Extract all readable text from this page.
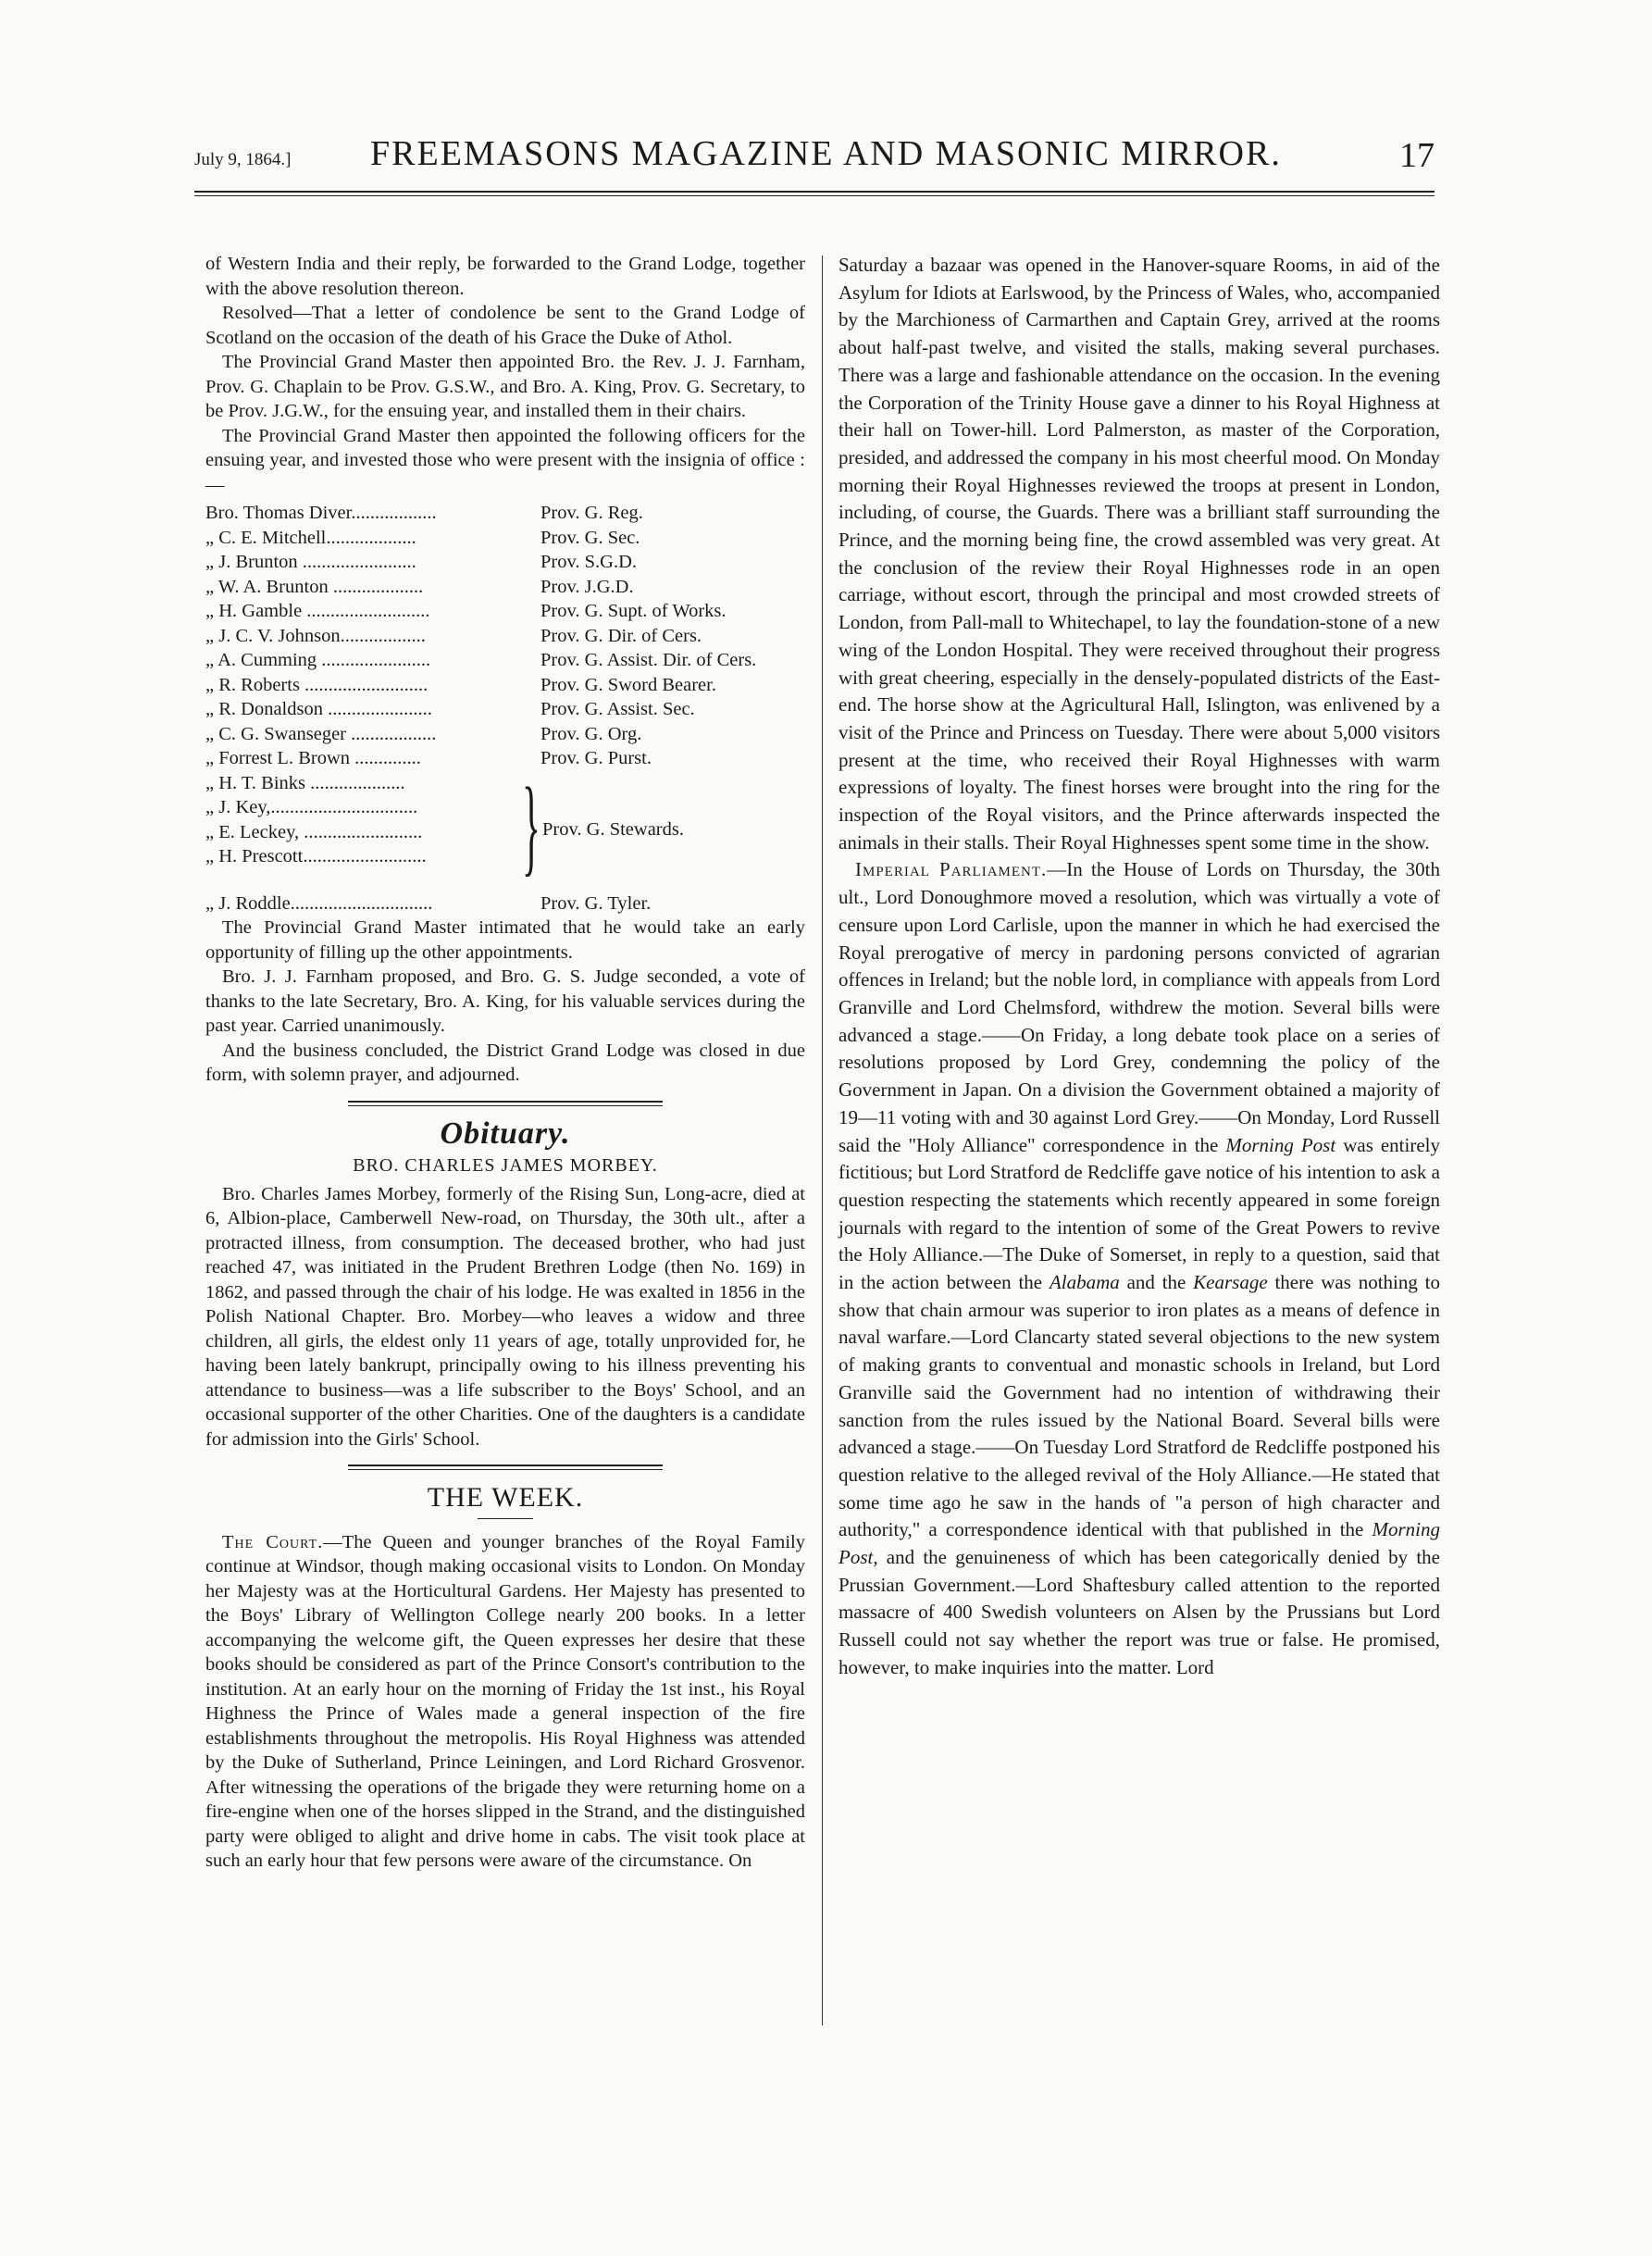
July 9, 1864.] FREEMASONS MAGAZINE AND MASONIC MIRROR.	17

of Western India and their reply, be forwarded to the Grand Lodge, together with the above resolution thereon.

Resolved—That a letter of condolence be sent to the Grand Lodge of Scotland on the occasion of the death of his Grace the Duke of Athol.

The Provincial Grand Master then appointed Bro. the Rev. J. J. Farnham, Prov. G. Chaplain to be Prov. G.S.W., and Bro. A. King, Prov. G. Secretary, to be Prov. J.G.W., for the ensuing year, and installed them in their chairs.

The Provincial Grand Master then appointed the following officers for the ensuing year, and invested those who were present with the insignia of office :—

Bro. Thomas Diver..................	Prov. G. Reg.
„ C. E. Mitchell...................	Prov. G. Sec.
„ J. Brunton ........................	Prov. S.G.D.
„ W. A. Brunton ...................	Prov. J.G.D.
„ H. Gamble ..........................	Prov. G. Supt. of Works.
„ J. C. V. Johnson..................	Prov. G. Dir. of Cers.
„ A. Cumming .......................	Prov. G. Assist. Dir. of Cers.
„ R. Roberts ..........................	Prov. G. Sword Bearer.
„ R. Donaldson ......................	Prov. G. Assist. Sec.
„ C. G. Swanseger ..................	Prov. G. Org.
„ Forrest L. Brown ..............	Prov. G. Purst.
„ H. T. Binks ....................
„ J. Key,...............................
„ E. Leckey, .........................
„ H. Prescott.......................... } Prov. G. Stewards.
„ J. Roddle..............................	Prov. G. Tyler.

The Provincial Grand Master intimated that he would take an early opportunity of filling up the other appointments.

Bro. J. J. Farnham proposed, and Bro. G. S. Judge seconded, a vote of thanks to the late Secretary, Bro. A. King, for his valuable services during the past year. Carried unanimously.

And the business concluded, the District Grand Lodge was closed in due form, with solemn prayer, and adjourned.

Obituary.
BRO. CHARLES JAMES MORBEY.

Bro. Charles James Morbey, formerly of the Rising Sun, Long-acre, died at 6, Albion-place, Camberwell New-road, on Thursday, the 30th ult., after a protracted illness, from consumption. The deceased brother, who had just reached 47, was initiated in the Prudent Brethren Lodge (then No. 169) in 1862, and passed through the chair of his lodge. He was exalted in 1856 in the Polish National Chapter. Bro. Morbey—who leaves a widow and three children, all girls, the eldest only 11 years of age, totally unprovided for, he having been lately bankrupt, principally owing to his illness preventing his attendance to business—was a life subscriber to the Boys' School, and an occasional supporter of the other Charities. One of the daughters is a candidate for admission into the Girls' School.

THE WEEK.

The Court.—The Queen and younger branches of the Royal Family continue at Windsor, though making occasional visits to London. On Monday her Majesty was at the Horticultural Gardens. Her Majesty has presented to the Boys' Library of Wellington College nearly 200 books. In a letter accompanying the welcome gift, the Queen expresses her desire that these books should be considered as part of the Prince Consort's contribution to the institution. At an early hour on the morning of Friday the 1st inst., his Royal Highness the Prince of Wales made a general inspection of the fire establishments throughout the metropolis. His Royal Highness was attended by the Duke of Sutherland, Prince Leiningen, and Lord Richard Grosvenor. After witnessing the operations of the brigade they were returning home on a fire-engine when one of the horses slipped in the Strand, and the distinguished party were obliged to alight and drive home in cabs. The visit took place at such an early hour that few persons were aware of the circumstance. On

Saturday a bazaar was opened in the Hanover-square Rooms, in aid of the Asylum for Idiots at Earlswood, by the Princess of Wales, who, accompanied by the Marchioness of Carmarthen and Captain Grey, arrived at the rooms about half-past twelve, and visited the stalls, making several purchases. There was a large and fashionable attendance on the occasion. In the evening the Corporation of the Trinity House gave a dinner to his Royal Highness at their hall on Tower-hill. Lord Palmerston, as master of the Corporation, presided, and addressed the company in his most cheerful mood. On Monday morning their Royal Highnesses reviewed the troops at present in London, including, of course, the Guards. There was a brilliant staff surrounding the Prince, and the morning being fine, the crowd assembled was very great. At the conclusion of the review their Royal Highnesses rode in an open carriage, without escort, through the principal and most crowded streets of London, from Pall-mall to Whitechapel, to lay the foundation-stone of a new wing of the London Hospital. They were received throughout their progress with great cheering, especially in the densely-populated districts of the East-end. The horse show at the Agricultural Hall, Islington, was enlivened by a visit of the Prince and Princess on Tuesday. There were about 5,000 visitors present at the time, who received their Royal Highnesses with warm expressions of loyalty. The finest horses were brought into the ring for the inspection of the Royal visitors, and the Prince afterwards inspected the animals in their stalls. Their Royal Highnesses spent some time in the show.

Imperial Parliament.—In the House of Lords on Thursday, the 30th ult., Lord Donoughmore moved a resolution, which was virtually a vote of censure upon Lord Carlisle, upon the manner in which he had exercised the Royal prerogative of mercy in pardoning persons convicted of agrarian offences in Ireland; but the noble lord, in compliance with appeals from Lord Granville and Lord Chelmsford, withdrew the motion. Several bills were advanced a stage.——On Friday, a long debate took place on a series of resolutions proposed by Lord Grey, condemning the policy of the Government in Japan. On a division the Government obtained a majority of 19—11 voting with and 30 against Lord Grey.——On Monday, Lord Russell said the "Holy Alliance" correspondence in the Morning Post was entirely fictitious; but Lord Stratford de Redcliffe gave notice of his intention to ask a question respecting the statements which recently appeared in some foreign journals with regard to the intention of some of the Great Powers to revive the Holy Alliance.—The Duke of Somerset, in reply to a question, said that in the action between the Alabama and the Kearsage there was nothing to show that chain armour was superior to iron plates as a means of defence in naval warfare.—Lord Clancarty stated several objections to the new system of making grants to conventual and monastic schools in Ireland, but Lord Granville said the Government had no intention of withdrawing their sanction from the rules issued by the National Board. Several bills were advanced a stage.——On Tuesday Lord Stratford de Redcliffe postponed his question relative to the alleged revival of the Holy Alliance.—He stated that some time ago he saw in the hands of "a person of high character and authority," a correspondence identical with that published in the Morning Post, and the genuineness of which has been categorically denied by the Prussian Government.—Lord Shaftesbury called attention to the reported massacre of 400 Swedish volunteers on Alsen by the Prussians but Lord Russell could not say whether the report was true or false. He promised, however, to make inquiries into the matter. Lord
